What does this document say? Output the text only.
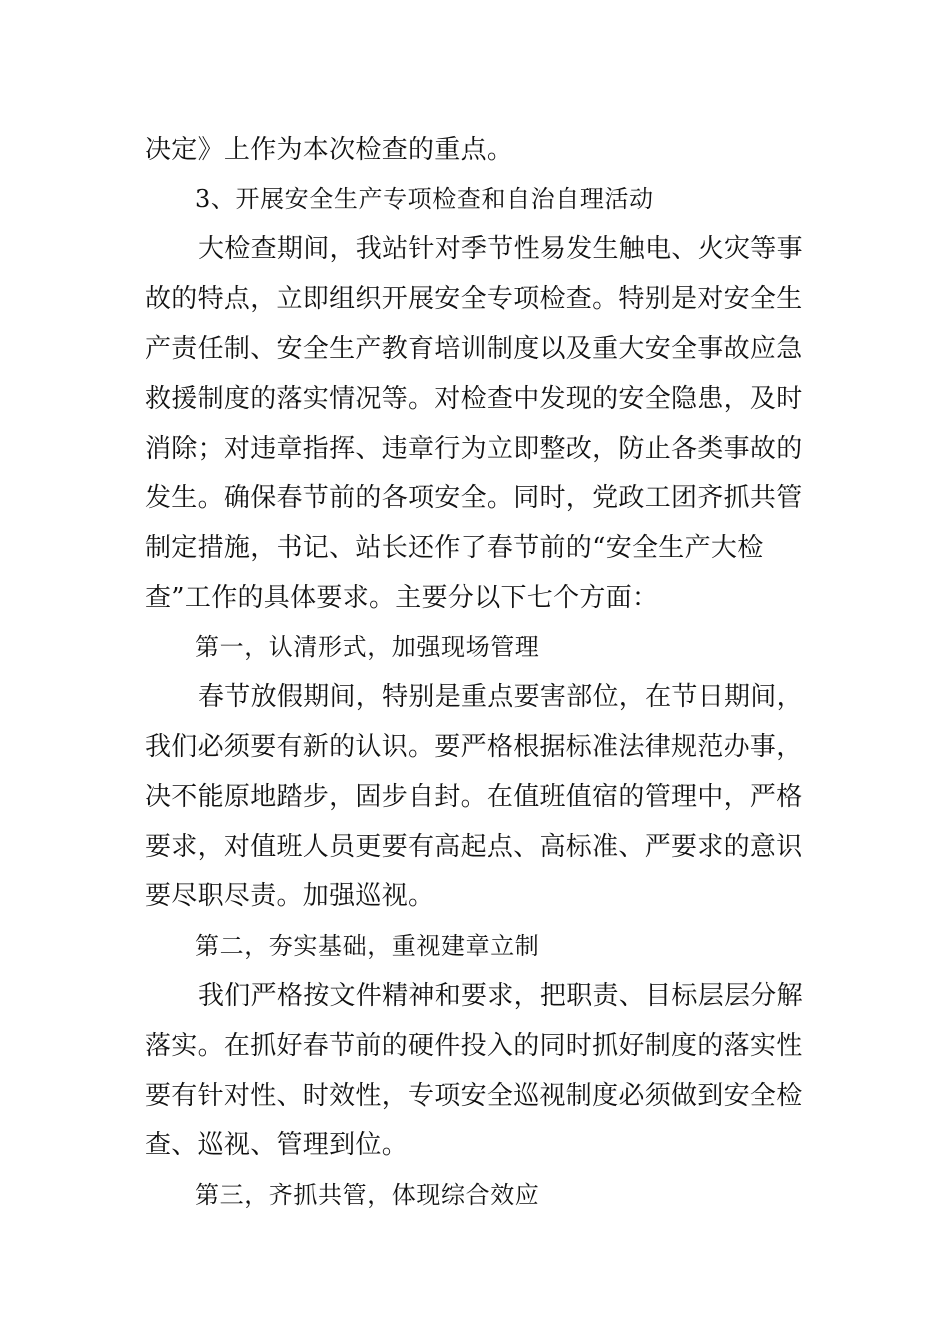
决定》上作为本次检查的重点。
3、开展安全生产专项检查和自治自理活动
大检查期间，我站针对季节性易发生触电、火灾等事
故的特点，立即组织开展安全专项检查。特别是对安全生
产责任制、安全生产教育培训制度以及重大安全事故应急
救援制度的落实情况等。对检查中发现的安全隐患，及时
消除；对违章指挥、违章行为立即整改，防止各类事故的
发生。确保春节前的各项安全。同时，党政工团齐抓共管
制定措施，书记、站长还作了春节前的“安全生产大检
查”工作的具体要求。主要分以下七个方面：
第一，认清形式，加强现场管理
春节放假期间，特别是重点要害部位，在节日期间，
我们必须要有新的认识。要严格根据标准法律规范办事，
决不能原地踏步，固步自封。在值班值宿的管理中，严格
要求，对值班人员更要有高起点、高标准、严要求的意识
要尽职尽责。加强巡视。
第二，夯实基础，重视建章立制
我们严格按文件精神和要求，把职责、目标层层分解
落实。在抓好春节前的硬件投入的同时抓好制度的落实性
要有针对性、时效性，专项安全巡视制度必须做到安全检
查、巡视、管理到位。
第三，齐抓共管，体现综合效应
